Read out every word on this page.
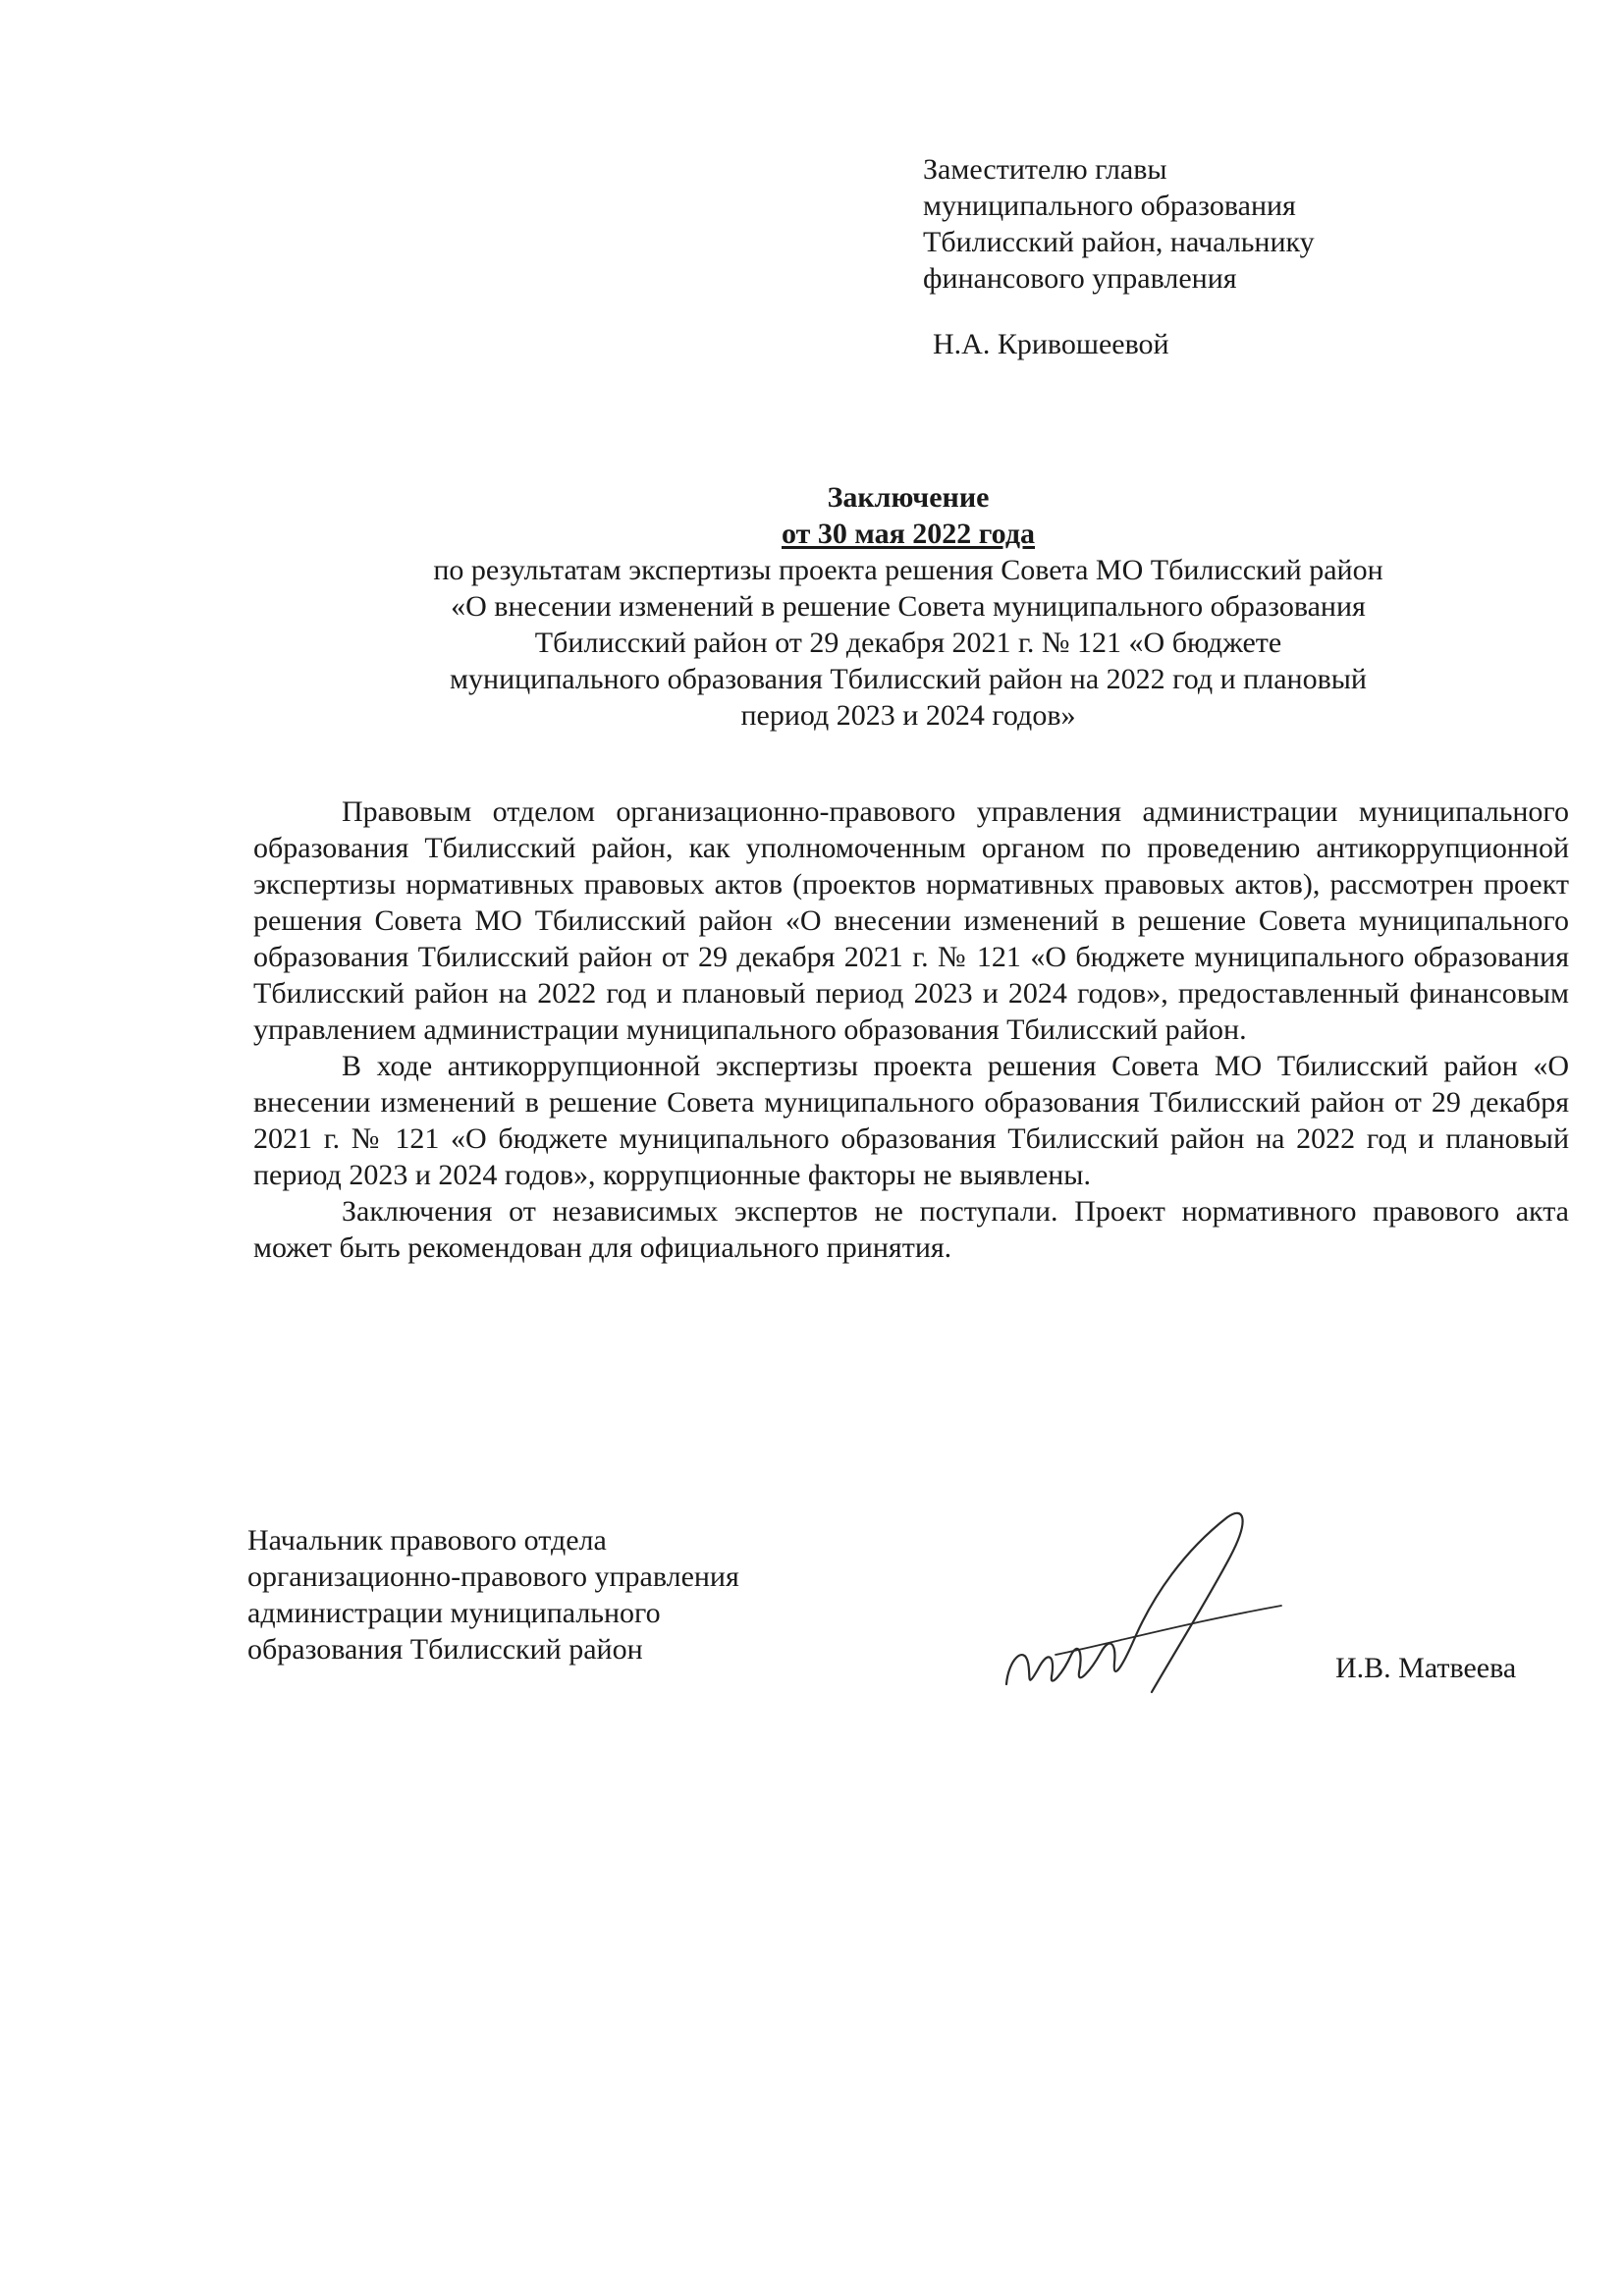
Заместителю главы
муниципального образования
Тбилисский район, начальнику
финансового управления
Н.А. Кривошеевой
Заключение
от 30 мая 2022 года
по результатам экспертизы проекта решения Совета МО Тбилисский район
«О внесении изменений в решение Совета муниципального образования
Тбилисский район от 29 декабря 2021 г. № 121 «О бюджете
муниципального образования Тбилисский район на 2022 год и плановый
период 2023 и 2024 годов»

Правовым отделом организационно-правового управления администрации муниципального образования Тбилисский район, как уполномоченным органом по проведению антикоррупционной экспертизы нормативных правовых актов (проектов нормативных правовых актов), рассмотрен проект решения Совета МО Тбилисский район «О внесении изменений в решение Совета муниципального образования Тбилисский район от 29 декабря 2021 г. № 121 «О бюджете муниципального образования Тбилисский район на 2022 год и плановый период 2023 и 2024 годов», предоставленный финансовым управлением администрации муниципального образования Тбилисский район.

В ходе антикоррупционной экспертизы проекта решения Совета МО Тбилисский район «О внесении изменений в решение Совета муниципального образования Тбилисский район от 29 декабря 2021 г. № 121 «О бюджете муниципального образования Тбилисский район на 2022 год и плановый период 2023 и 2024 годов», коррупционные факторы не выявлены.

Заключения от независимых экспертов не поступали. Проект нормативного правового акта может быть рекомендован для официального принятия.

Начальник правового отдела
организационно-правового управления
администрации муниципального
образования Тбилисский район
И.В. Матвеева
